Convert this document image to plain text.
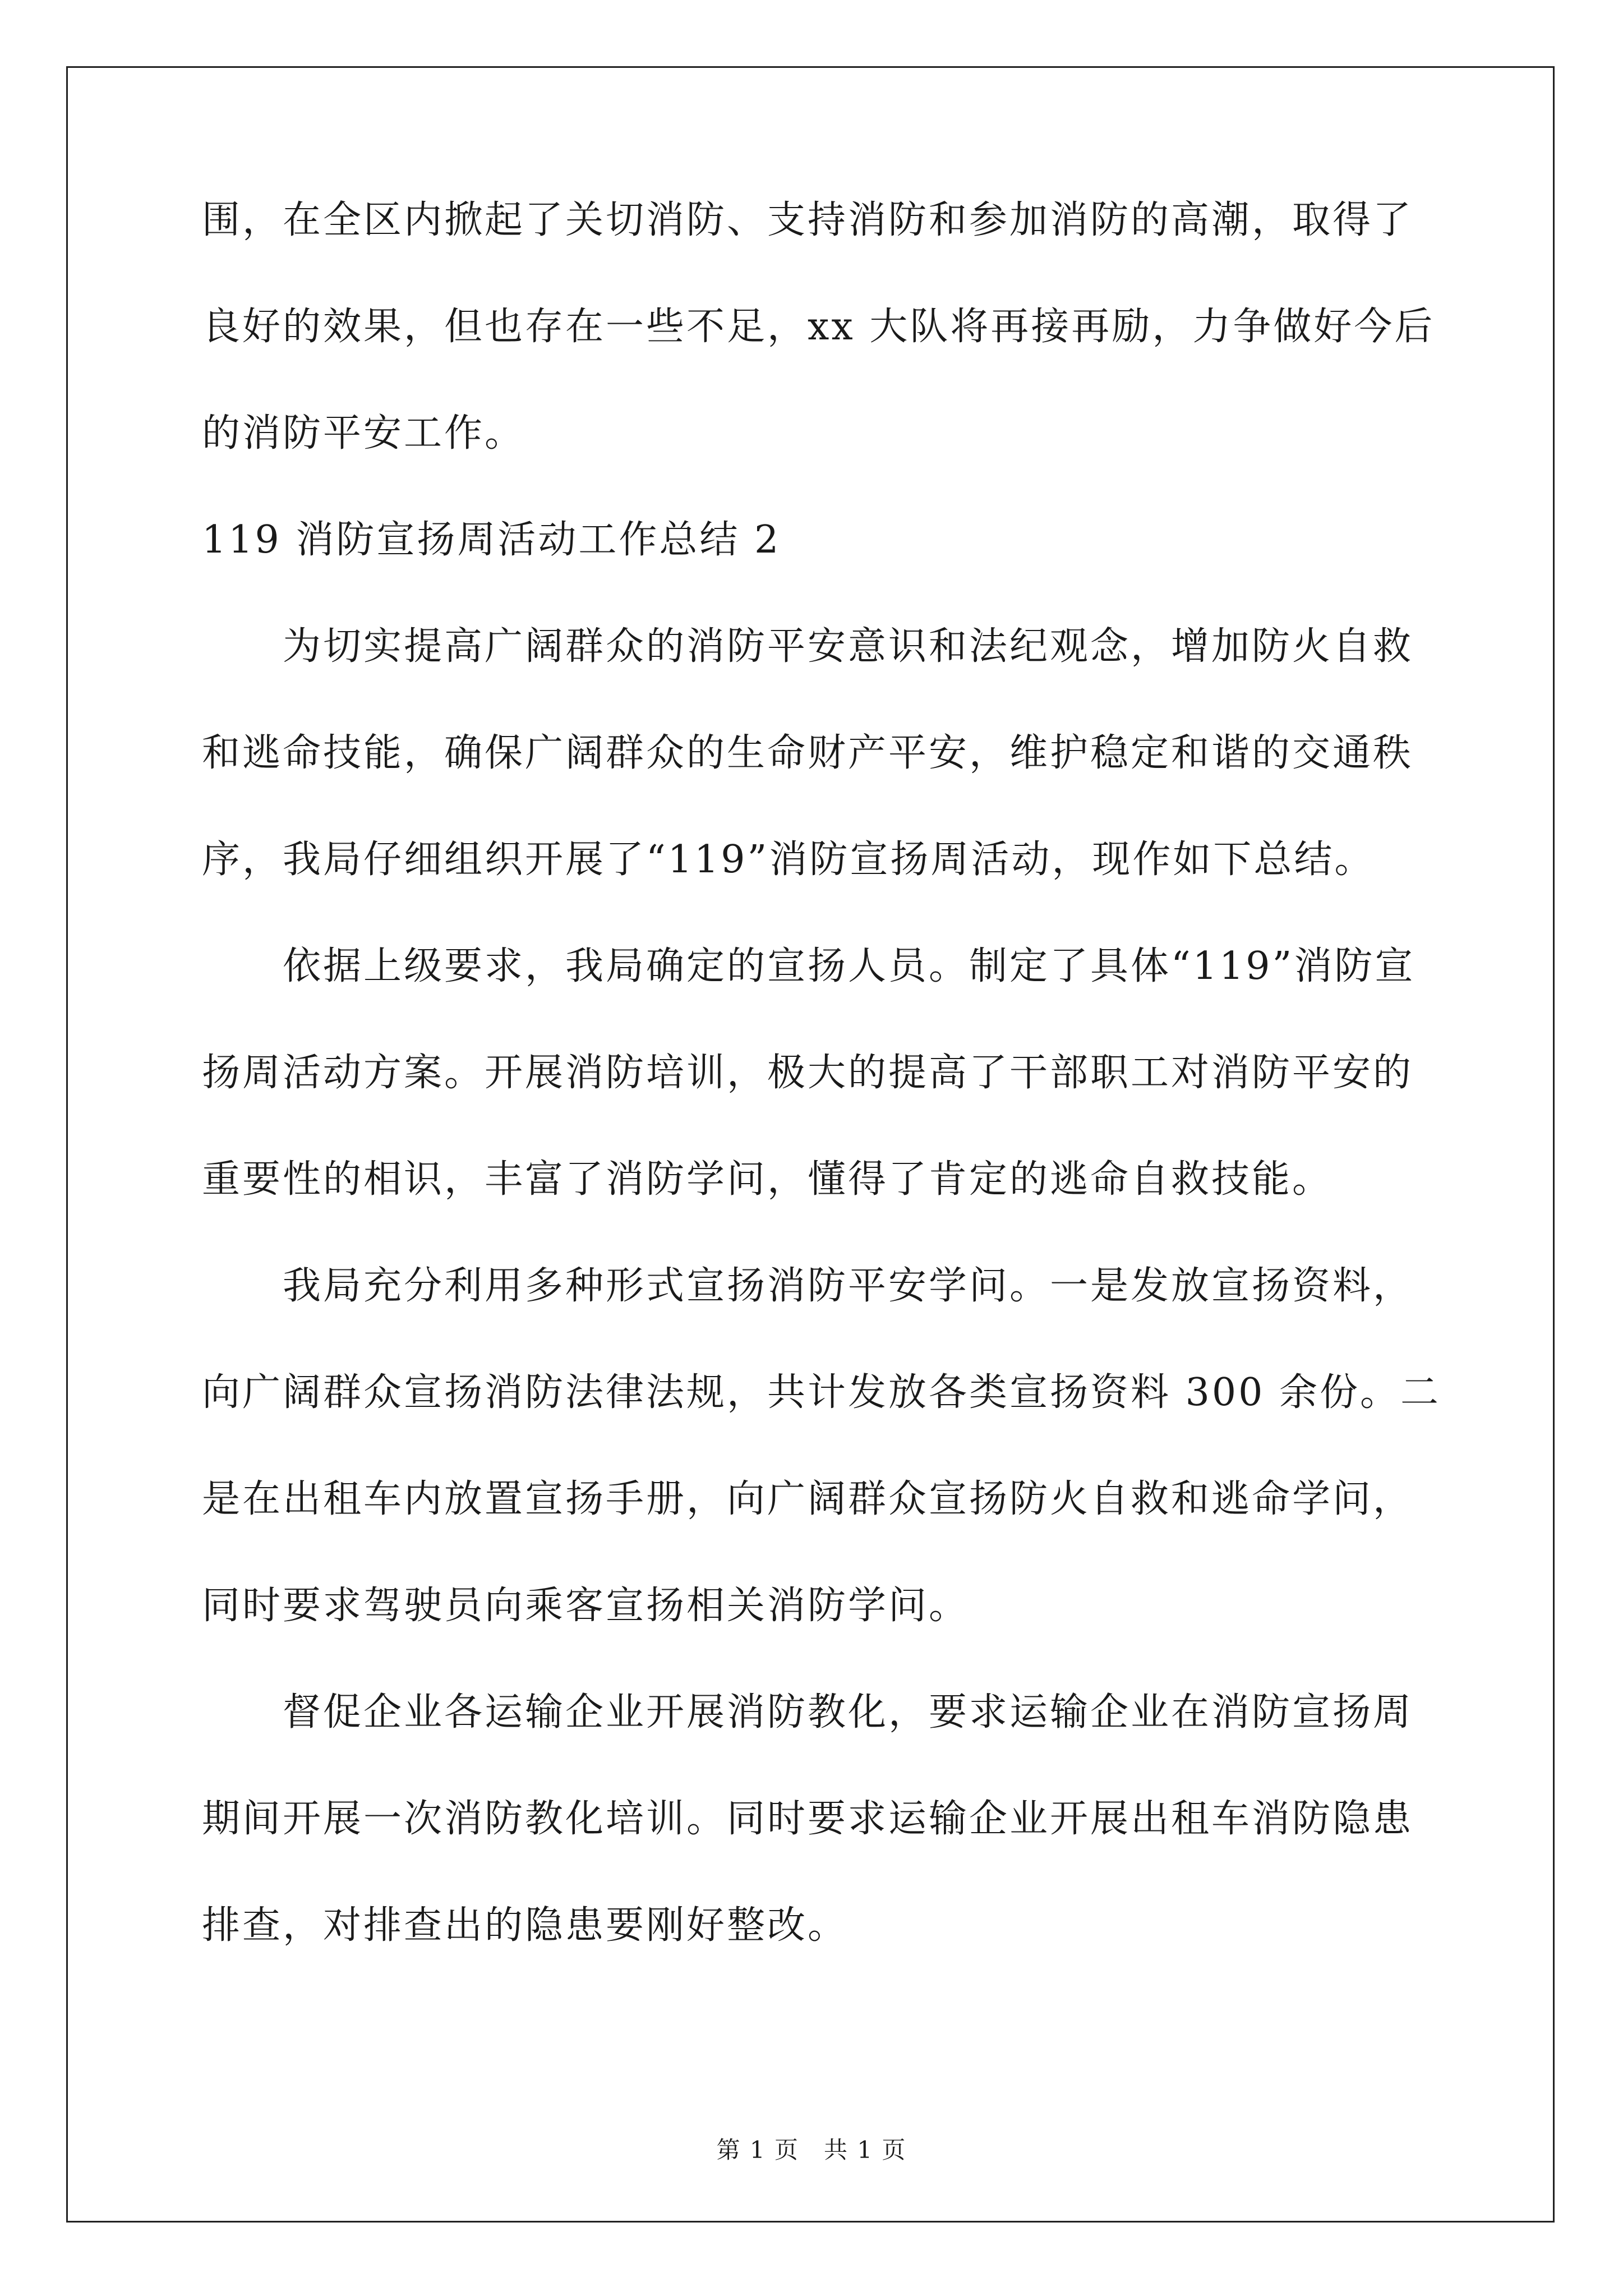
围，在全区内掀起了关切消防、支持消防和参加消防的高潮，取得了

良好的效果，但也存在一些不足，xx 大队将再接再励，力争做好今后

的消防平安工作。

119 消防宣扬周活动工作总结 2

为切实提高广阔群众的消防平安意识和法纪观念，增加防火自救

和逃命技能，确保广阔群众的生命财产平安，维护稳定和谐的交通秩

序，我局仔细组织开展了“119”消防宣扬周活动，现作如下总结。

依据上级要求，我局确定的宣扬人员。制定了具体“119”消防宣

扬周活动方案。开展消防培训，极大的提高了干部职工对消防平安的

重要性的相识，丰富了消防学问，懂得了肯定的逃命自救技能。

我局充分利用多种形式宣扬消防平安学问。一是发放宣扬资料，

向广阔群众宣扬消防法律法规，共计发放各类宣扬资料 300 余份。二

是在出租车内放置宣扬手册，向广阔群众宣扬防火自救和逃命学问，

同时要求驾驶员向乘客宣扬相关消防学问。

督促企业各运输企业开展消防教化，要求运输企业在消防宣扬周

期间开展一次消防教化培训。同时要求运输企业开展出租车消防隐患

排查，对排查出的隐患要刚好整改。

第 1 页　共 1 页
